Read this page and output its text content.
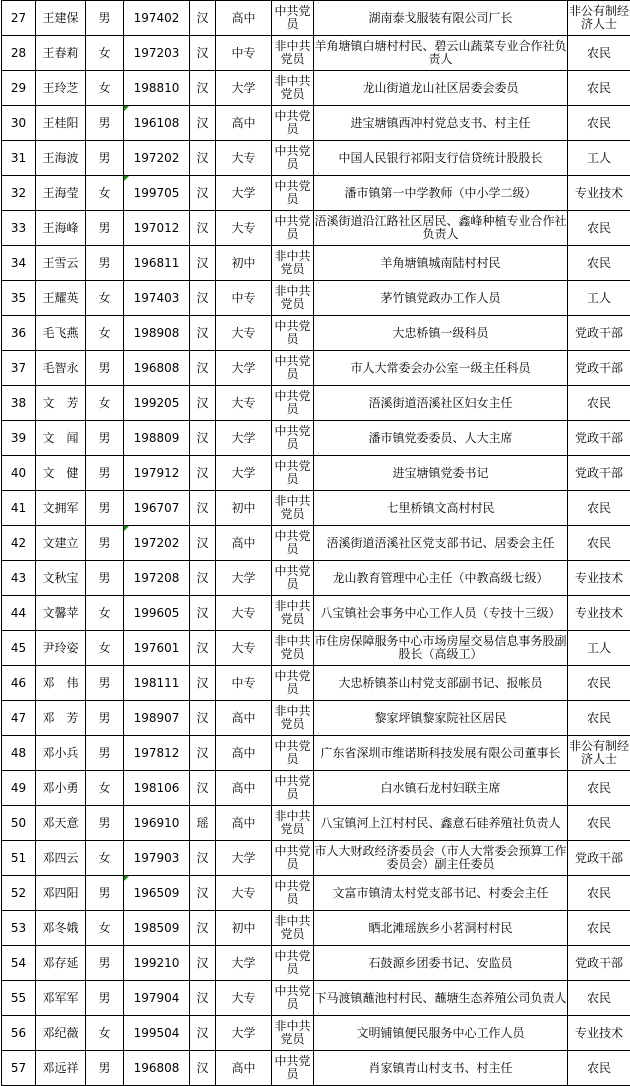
27	王建保	男	197402	汉	高中	中共党员	湖南泰戈服装有限公司厂长	非公有制经济人士
28	王春莉	女	197203	汉	中专	非中共党员	羊角塘镇白塘村村民、碧云山蔬菜专业合作社负责人	农民
29	王玲芝	女	198810	汉	大学	非中共党员	龙山街道龙山社区居委会委员	农民
30	王桂阳	男	196108	汉	高中	中共党员	进宝塘镇西冲村党总支书、村主任	农民
31	王海波	男	197202	汉	大专	中共党员	中国人民银行祁阳支行信贷统计股股长	工人
32	王海莹	女	199705	汉	大学	中共党员	潘市镇第一中学教师（中小学二级）	专业技术
33	王海峰	男	197012	汉	大专	中共党员	浯溪街道沿江路社区居民、鑫峰种植专业合作社负责人	农民
34	王雪云	男	196811	汉	初中	非中共党员	羊角塘镇城南陆村村民	农民
35	王耀英	女	197403	汉	中专	非中共党员	茅竹镇党政办工作人员	工人
36	毛飞燕	女	198908	汉	大专	中共党员	大忠桥镇一级科员	党政干部
37	毛智永	男	196808	汉	大学	中共党员	市人大常委会办公室一级主任科员	党政干部
38	文　芳	女	199205	汉	大专	中共党员	浯溪街道浯溪社区妇女主任	农民
39	文　闻	男	198809	汉	大学	中共党员	潘市镇党委委员、人大主席	党政干部
40	文　健	男	197912	汉	大学	中共党员	进宝塘镇党委书记	党政干部
41	文拥军	男	196707	汉	初中	非中共党员	七里桥镇文高村村民	农民
42	文建立	男	197202	汉	高中	中共党员	浯溪街道浯溪社区党支部书记、居委会主任	农民
43	文秋宝	男	197208	汉	大学	中共党员	龙山教育管理中心主任（中教高级七级）	专业技术
44	文馨苹	女	199605	汉	大专	非中共党员	八宝镇社会事务中心工作人员（专技十三级）	专业技术
45	尹玲姿	女	197601	汉	大专	非中共党员	市住房保障服务中心市场房屋交易信息事务股副股长（高级工）	工人
46	邓　伟	男	198111	汉	中专	中共党员	大忠桥镇茶山村党支部副书记、报帐员	农民
47	邓　芳	男	198907	汉	高中	非中共党员	黎家坪镇黎家院社区居民	农民
48	邓小兵	男	197812	汉	高中	中共党员	广东省深圳市维诺斯科技发展有限公司董事长	非公有制经济人士
49	邓小勇	女	198106	汉	高中	中共党员	白水镇石龙村妇联主席	农民
50	邓天意	男	196910	瑶	高中	非中共党员	八宝镇河上江村村民、鑫意石硅养殖社负责人	农民
51	邓四云	女	197903	汉	大学	中共党员	市人大财政经济委员会（市人大常委会预算工作委员会）副主任委员	党政干部
52	邓四阳	男	196509	汉	大专	中共党员	文富市镇清太村党支部书记、村委会主任	农民
53	邓冬娥	女	198509	汉	初中	非中共党员	晒北滩瑶族乡小茗洞村村民	农民
54	邓存延	男	199210	汉	大学	中共党员	石鼓源乡团委书记、安监员	党政干部
55	邓军军	男	197904	汉	大专	中共党员	下马渡镇蘸池村村民、蘸塘生态养殖公司负责人	农民
56	邓纪薇	女	199504	汉	大学	非中共党员	文明铺镇便民服务中心工作人员	专业技术
57	邓远祥	男	196808	汉	高中	中共党员	肖家镇青山村支书、村主任	农民
